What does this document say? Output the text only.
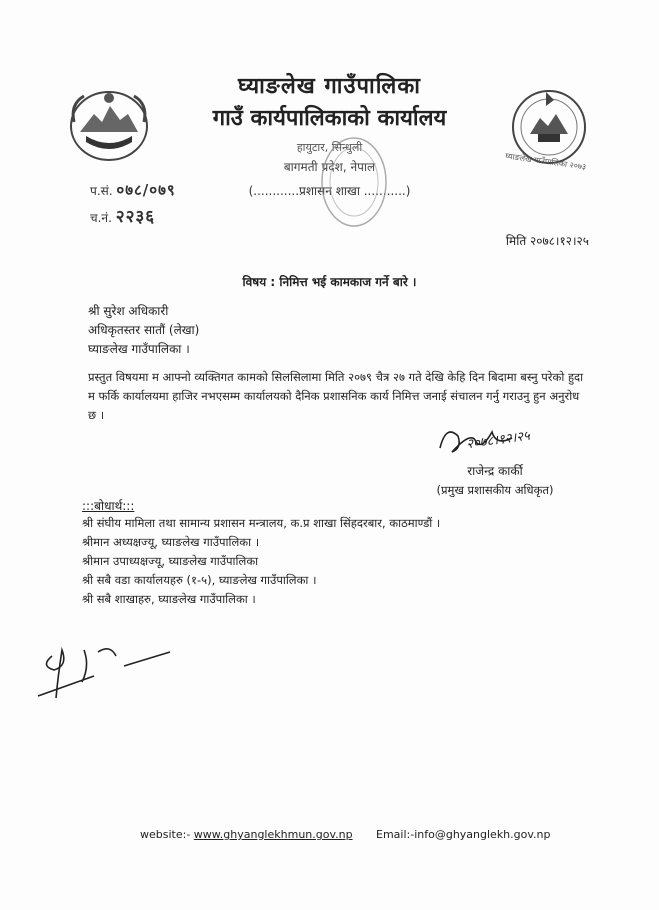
घ्याङलेख गाउँपालिका २०७३
घ्याङलेख गाउँपालिका
गाउँ कार्यपालिकाको कार्यालय
हायुटार, सिन्धुली
बागमती प्रदेश, नेपाल
(............प्रशासन शाखा ...........)
प.सं. ०७८/०७९
च.नं. २२३६
मिति २०७८।१२।२५
विषय : निमित्त भई कामकाज गर्ने बारे ।
श्री सुरेश अधिकारी
अधिकृतस्तर सातौं (लेखा)
घ्याङलेख गाउँपालिका ।
प्रस्तुत विषयमा म आफ्नो व्यक्तिगत कामको सिलसिलामा मिति २०७९ चैत्र २७ गते देखि केहि दिन बिदामा बस्नु परेको हुदा म फर्कि कार्यालयमा हाजिर नभएसम्म कार्यालयको दैनिक प्रशासनिक कार्य निमित्त जनाई संचालन गर्नु गराउनु हुन अनुरोध छ ।
२०७८।१२।२५
राजेन्द्र कार्की
(प्रमुख प्रशासकीय अधिकृत)
:::बोधार्थ:::
श्री संघीय मामिला तथा सामान्य प्रशासन मन्त्रालय, क.प्र शाखा सिंहदरबार, काठमाण्डौं ।
श्रीमान अध्यक्षज्यू, घ्याङलेख गाउँपालिका ।
श्रीमान उपाध्यक्षज्यू, घ्याङलेख गाउँपालिका
श्री सबै वडा कार्यालयहरु (१-५), घ्याङलेख गाउँपालिका ।
श्री सबै शाखाहरु, घ्याङलेख गाउँपालिका ।
website:- www.ghyanglekhmun.gov.np Email:-info@ghyanglekh.gov.np
